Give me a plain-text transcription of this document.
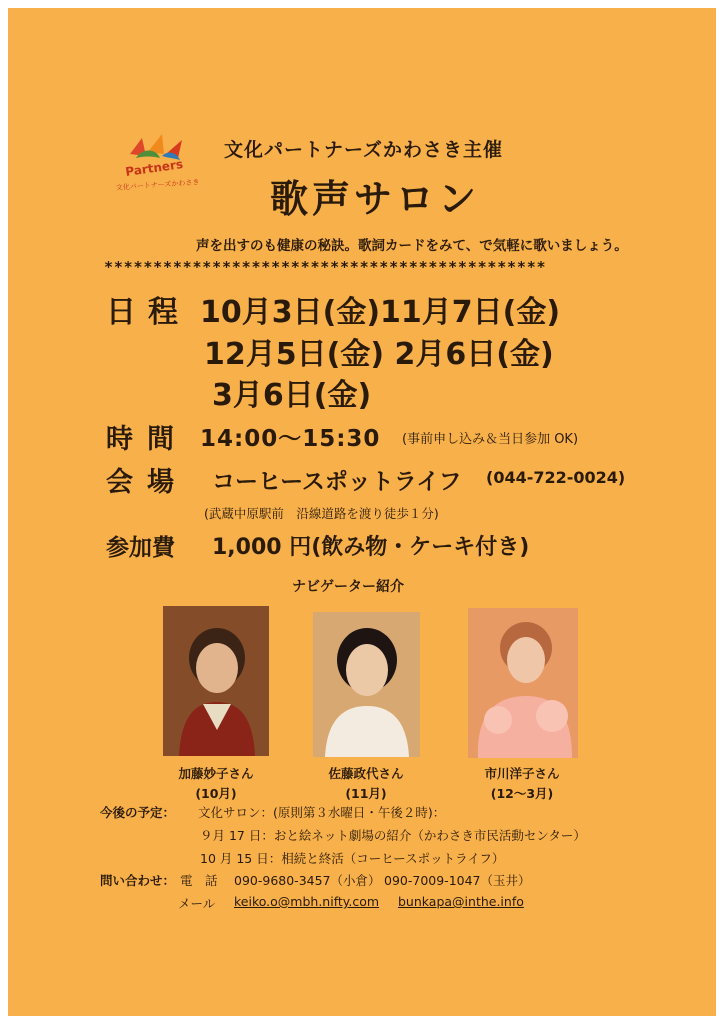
Partners
文化パートナーズかわさき
文化パートナーズかわさき主催
歌声サロン
声を出すのも健康の秘訣。歌詞カードをみて、で気軽に歌いましょう。
*********************************************
日程 10月3日(金)11月7日(金)
12月5日(金) 2月6日(金)
3月6日(金)
時間 14:00～15:30 (事前申し込み＆当日参加 OK)
会場 コーヒースポットライフ (044-722-0024)
(武蔵中原駅前　沿線道路を渡り徒歩１分)
参加費 1,000 円(飲み物・ケーキ付き)
ナビゲーター紹介
加藤妙子さん
(10月)
佐藤政代さん
(11月)
市川洋子さん
(12～3月)
今後の予定： 文化サロン：(原則第３水曜日・午後２時)：
９月 17 日：おと絵ネット劇場の紹介（かわさき市民活動センター）
10 月 15 日：相続と終活（コーヒースポットライフ）
問い合わせ： 電　話 090-9680-3457（小倉） 090-7009-1047（玉井）
メール keiko.o@mbh.nifty.com bunkapa@inthe.info
